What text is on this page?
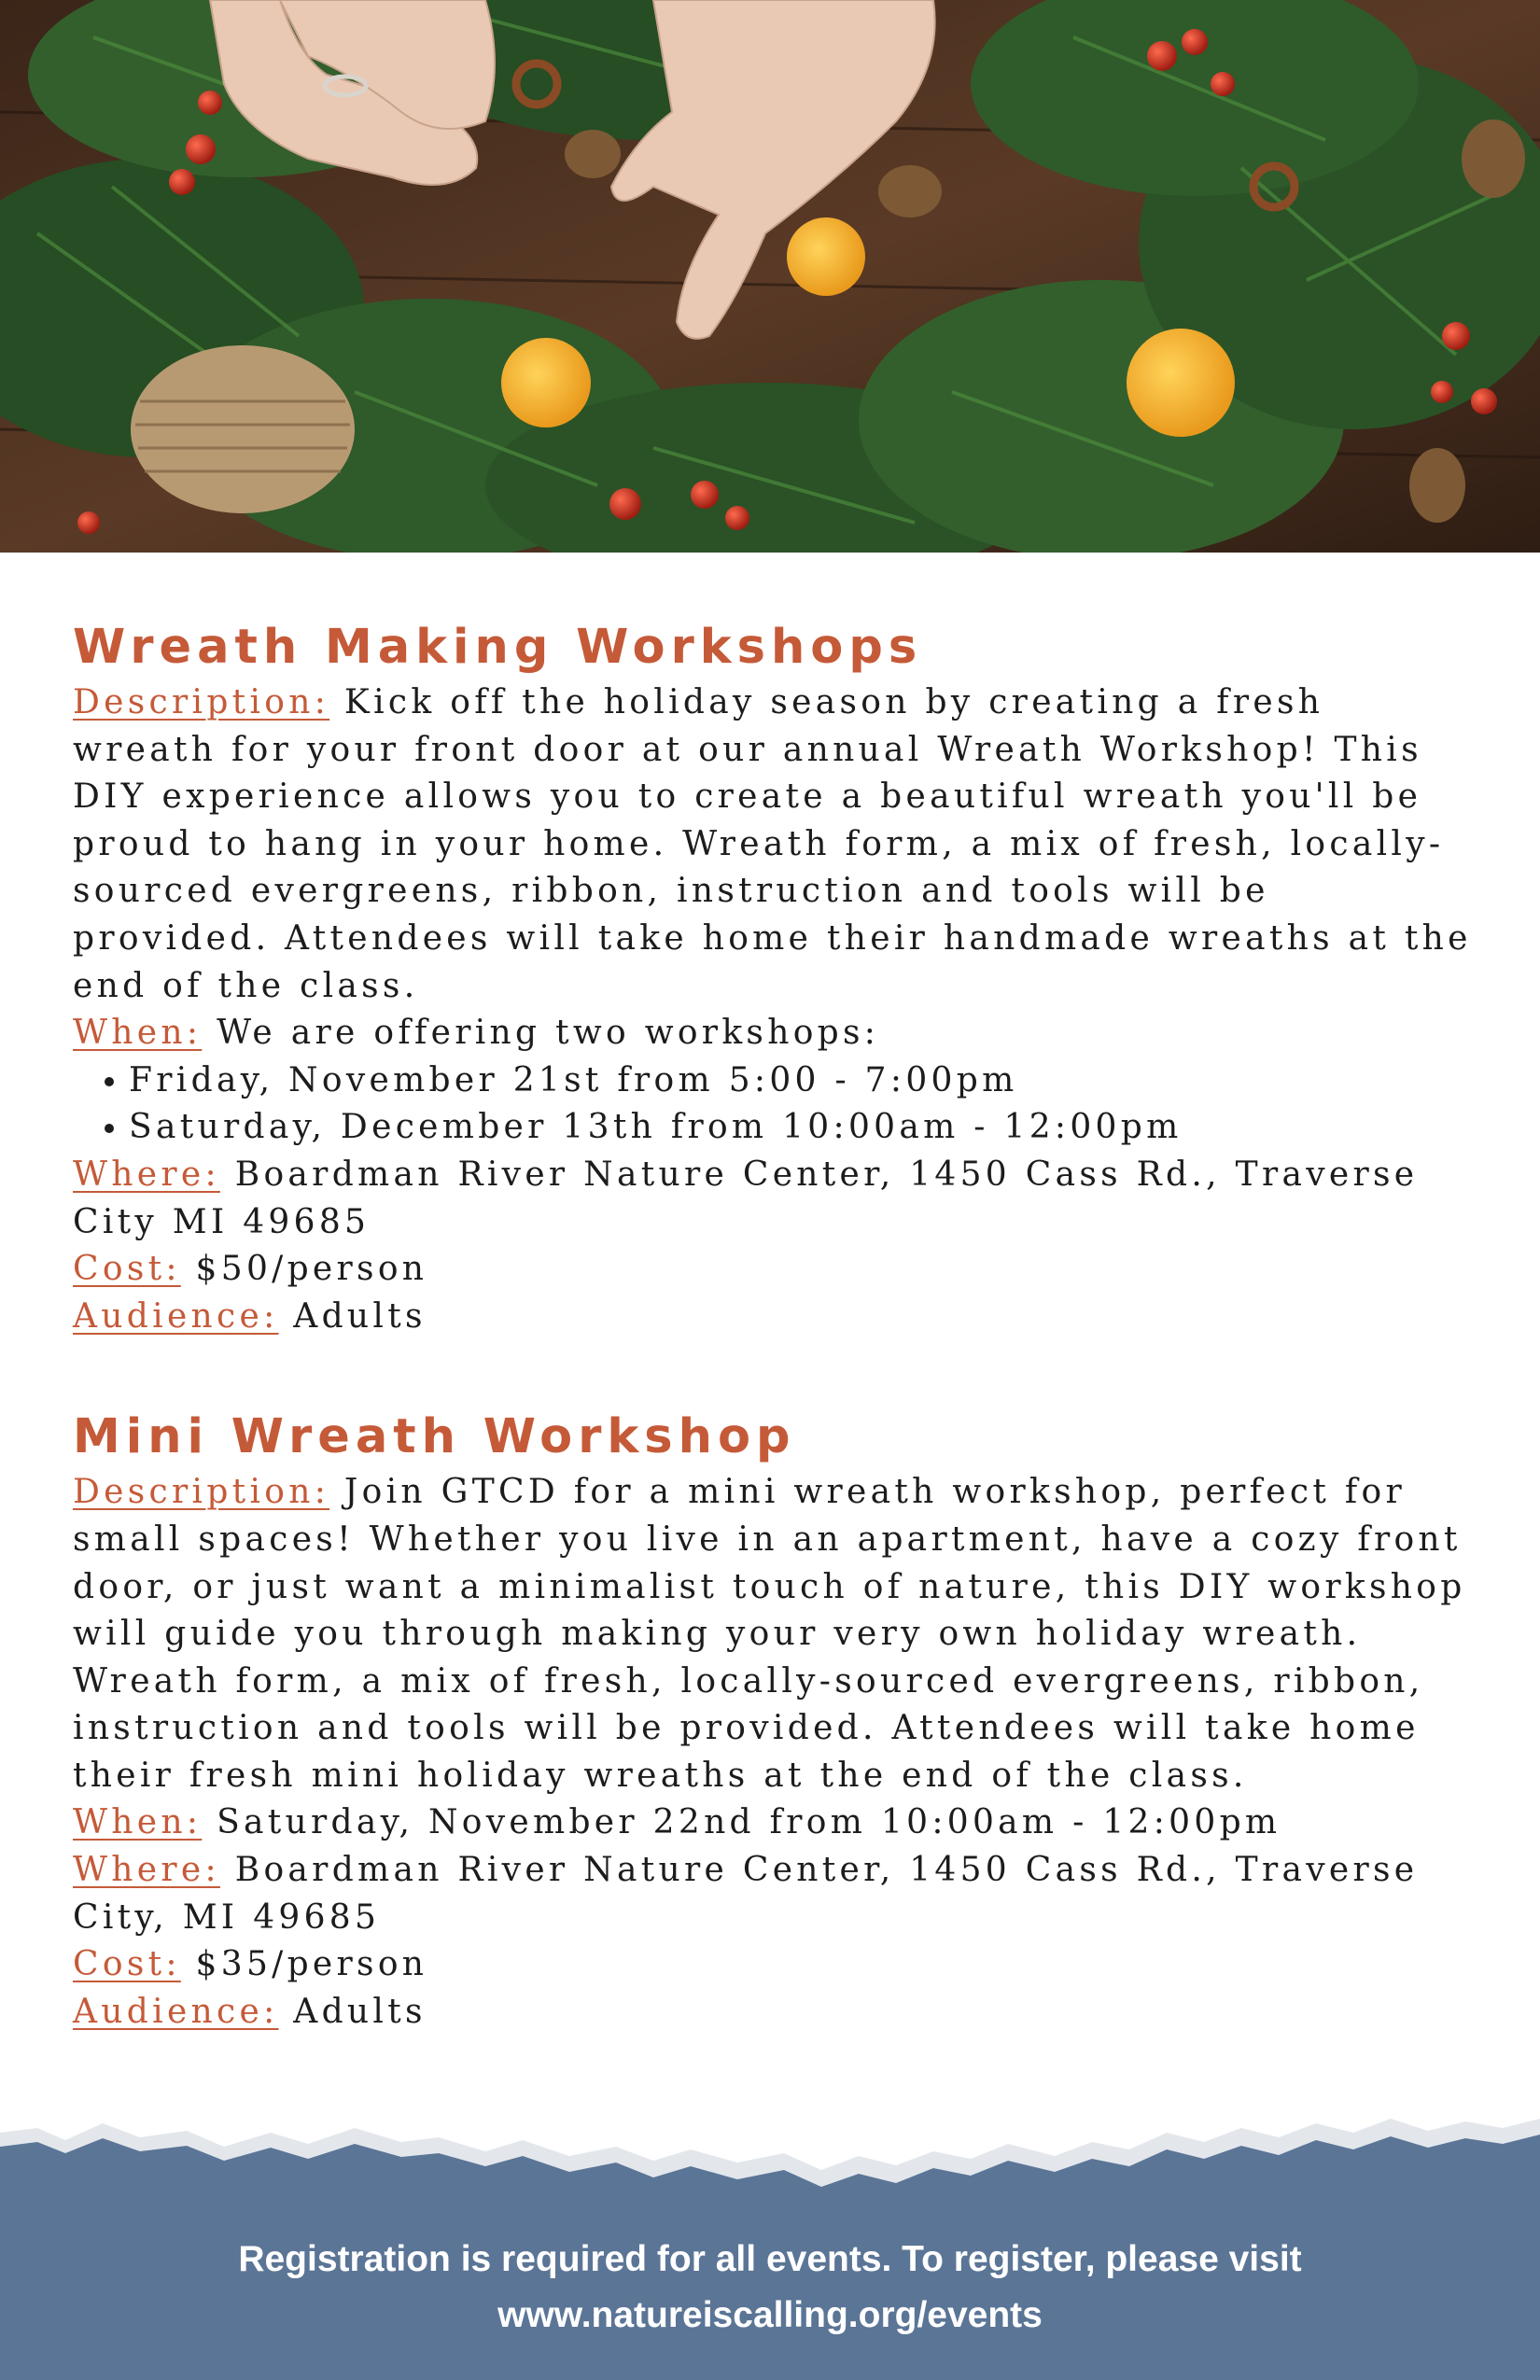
Wreath Making Workshops

Description: Kick off the holiday season by creating a fresh wreath for your front door at our annual Wreath Workshop! This DIY experience allows you to create a beautiful wreath you'll be proud to hang in your home. Wreath form, a mix of fresh, locally-sourced evergreens, ribbon, instruction and tools will be provided. Attendees will take home their handmade wreaths at the end of the class.

When: We are offering two workshops:

Friday, November 21st from 5:00 - 7:00pm
Saturday, December 13th from 10:00am - 12:00pm

Where: Boardman River Nature Center, 1450 Cass Rd., Traverse City MI 49685

Cost: $50/person

Audience: Adults

Mini Wreath Workshop

Description: Join GTCD for a mini wreath workshop, perfect for small spaces! Whether you live in an apartment, have a cozy front door, or just want a minimalist touch of nature, this DIY workshop will guide you through making your very own holiday wreath. Wreath form, a mix of fresh, locally-sourced evergreens, ribbon, instruction and tools will be provided. Attendees will take home their fresh mini holiday wreaths at the end of the class.

When: Saturday, November 22nd from 10:00am - 12:00pm

Where: Boardman River Nature Center, 1450 Cass Rd., Traverse City, MI 49685

Cost: $35/person

Audience: Adults

Registration is required for all events. To register, please visit
www.natureiscalling.org/events
